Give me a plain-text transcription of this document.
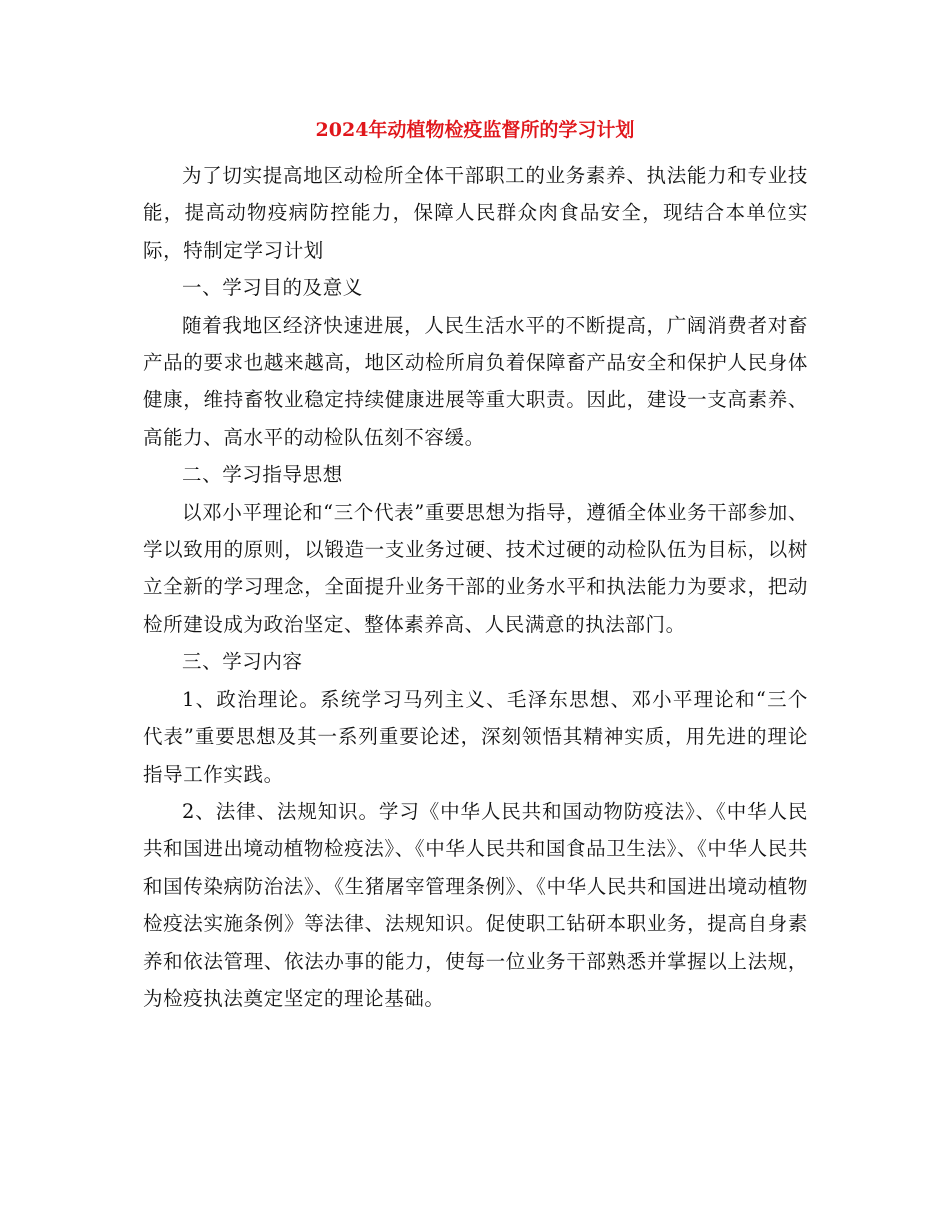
2024年动植物检疫监督所的学习计划

为了切实提高地区动检所全体干部职工的业务素养、执法能力和专业技能，提高动物疫病防控能力，保障人民群众肉食品安全，现结合本单位实际，特制定学习计划

一、学习目的及意义

随着我地区经济快速进展，人民生活水平的不断提高，广阔消费者对畜产品的要求也越来越高，地区动检所肩负着保障畜产品安全和保护人民身体健康，维持畜牧业稳定持续健康进展等重大职责。因此，建设一支高素养、高能力、高水平的动检队伍刻不容缓。

二、学习指导思想

以邓小平理论和“三个代表”重要思想为指导，遵循全体业务干部参加、学以致用的原则，以锻造一支业务过硬、技术过硬的动检队伍为目标，以树立全新的学习理念，全面提升业务干部的业务水平和执法能力为要求，把动检所建设成为政治坚定、整体素养高、人民满意的执法部门。

三、学习内容

1、政治理论。系统学习马列主义、毛泽东思想、邓小平理论和“三个代表”重要思想及其一系列重要论述，深刻领悟其精神实质，用先进的理论指导工作实践。

2、法律、法规知识。学习《中华人民共和国动物防疫法》、《中华人民共和国进出境动植物检疫法》、《中华人民共和国食品卫生法》、《中华人民共和国传染病防治法》、《生猪屠宰管理条例》、《中华人民共和国进出境动植物检疫法实施条例》等法律、法规知识。促使职工钻研本职业务，提高自身素养和依法管理、依法办事的能力，使每一位业务干部熟悉并掌握以上法规，为检疫执法奠定坚定的理论基础。
